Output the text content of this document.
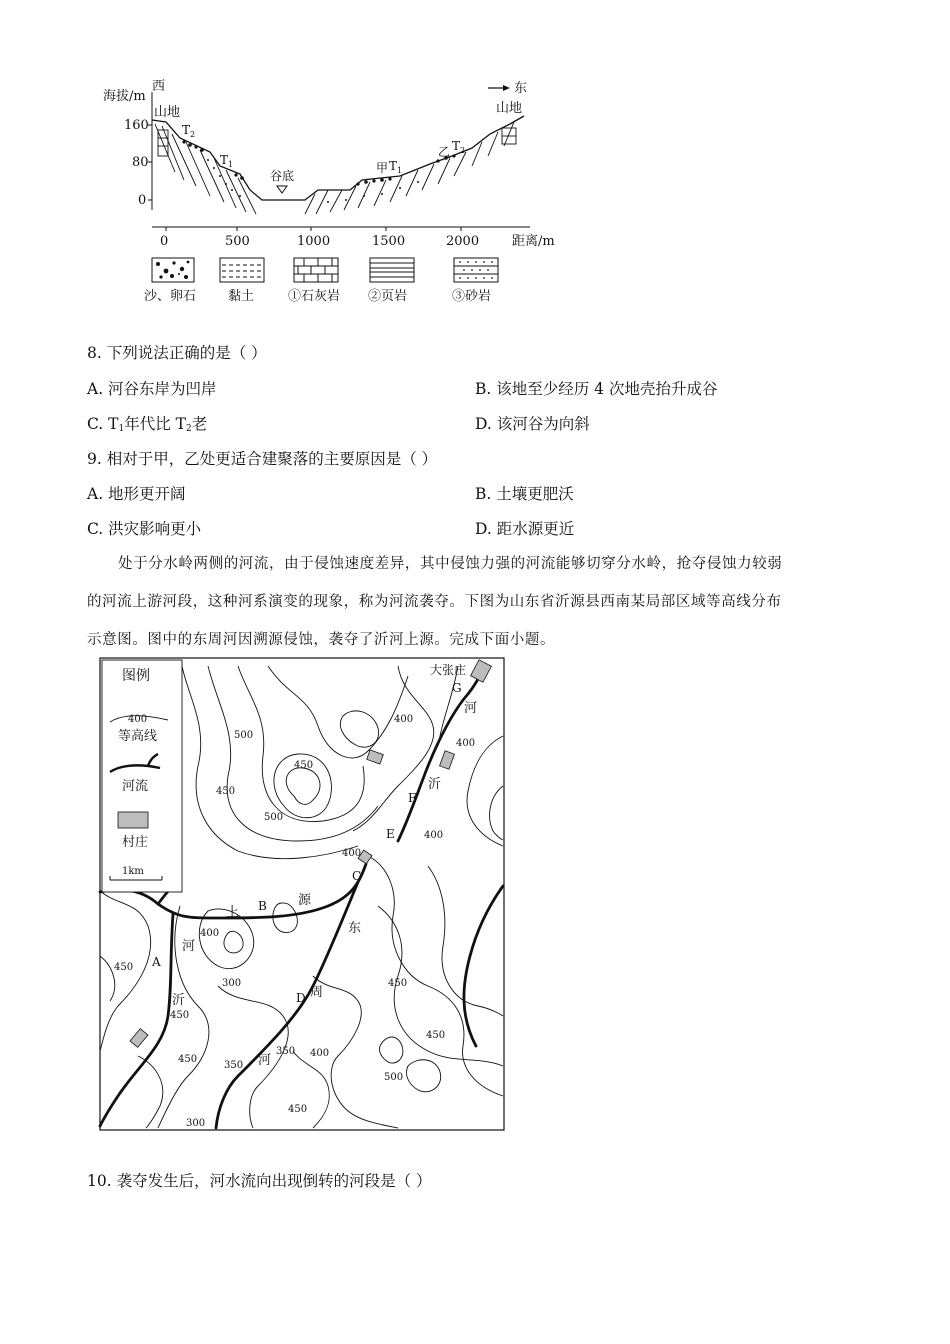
海拔/m
西
160
80
0
0	500	1000	1500	2000	距离/m
东
山地	山地
$T_2$
$T_1$
谷底
甲 $T_1$
乙 $T_2$
沙、卵石 黏土	①石灰岩 ②页岩	③砂岩
8. 下列说法正确的是（ ）
A. 河谷东岸为凹岸	B. 该地至少经历 4 次地壳抬升成谷
C. $T_1$年代比 $T_2$老	D. 该河谷为向斜
9. 相对于甲，乙处更适合建聚落的主要原因是（ ）
A. 地形更开阔	B. 土壤更肥沃
C. 洪灾影响更小	D. 距水源更近
处于分水岭两侧的河流，由于侵蚀速度差异，其中侵蚀力强的河流能够切穿分水岭，抢夺侵蚀力较弱
的河流上游河段，这种河系演变的现象，称为河流袭夺。下图为山东省沂源县西南某局部区域等高线分布
示意图。图中的东周河因溯源侵蚀，袭夺了沂河上源。完成下面小题。
图例
400
等高线
河流
村庄
1km
A
B
C
D
E
F
G
大张庄
上
源
河
沂
沂
河
东
周
河
500
450
450
500
400
400
400
400
400
450
300
450
450
350
350 400
450
500
450
300
450
10. 袭夺发生后，河水流向出现倒转的河段是（ ）
